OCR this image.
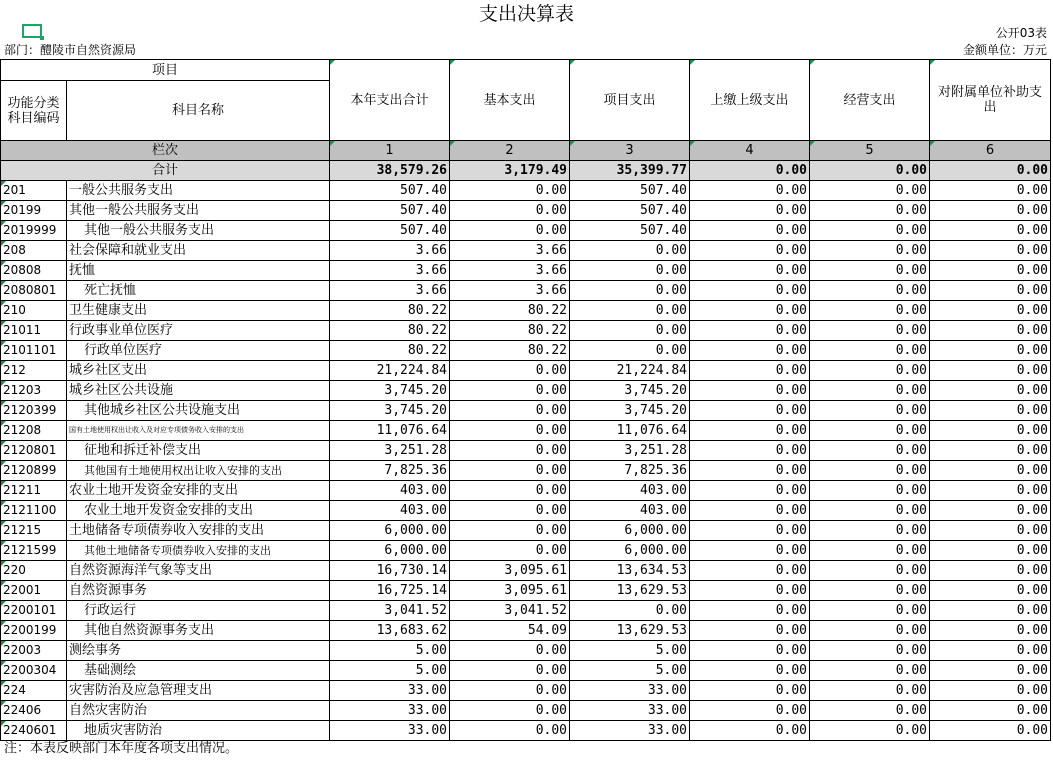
支出决算表
公开03表
部门：醴陵市自然资源局	金额单位：万元
项目		本年支出合计	基本支出	项目支出	上缴上级支出	经营支出	对附属单位补助支出
功能分类科目编码	科目名称						
栏次		1	2	3	4	5	6
合计		38,579.26	3,179.49	35,399.77	0.00	0.00	0.00
201	一般公共服务支出	507.40	0.00	507.40	0.00	0.00	0.00
20199	其他一般公共服务支出	507.40	0.00	507.40	0.00	0.00	0.00
2019999	其他一般公共服务支出	507.40	0.00	507.40	0.00	0.00	0.00
208	社会保障和就业支出	3.66	3.66	0.00	0.00	0.00	0.00
20808	抚恤	3.66	3.66	0.00	0.00	0.00	0.00
2080801	死亡抚恤	3.66	3.66	0.00	0.00	0.00	0.00
210	卫生健康支出	80.22	80.22	0.00	0.00	0.00	0.00
21011	行政事业单位医疗	80.22	80.22	0.00	0.00	0.00	0.00
2101101	行政单位医疗	80.22	80.22	0.00	0.00	0.00	0.00
212	城乡社区支出	21,224.84	0.00	21,224.84	0.00	0.00	0.00
21203	城乡社区公共设施	3,745.20	0.00	3,745.20	0.00	0.00	0.00
2120399	其他城乡社区公共设施支出	3,745.20	0.00	3,745.20	0.00	0.00	0.00
21208	国有土地使用权出让收入及对应专项债务收入安排的支出	11,076.64	0.00	11,076.64	0.00	0.00	0.00
2120801	征地和拆迁补偿支出	3,251.28	0.00	3,251.28	0.00	0.00	0.00
2120899	其他国有土地使用权出让收入安排的支出	7,825.36	0.00	7,825.36	0.00	0.00	0.00
21211	农业土地开发资金安排的支出	403.00	0.00	403.00	0.00	0.00	0.00
2121100	农业土地开发资金安排的支出	403.00	0.00	403.00	0.00	0.00	0.00
21215	土地储备专项债券收入安排的支出	6,000.00	0.00	6,000.00	0.00	0.00	0.00
2121599	其他土地储备专项债券收入安排的支出	6,000.00	0.00	6,000.00	0.00	0.00	0.00
220	自然资源海洋气象等支出	16,730.14	3,095.61	13,634.53	0.00	0.00	0.00
22001	自然资源事务	16,725.14	3,095.61	13,629.53	0.00	0.00	0.00
2200101	行政运行	3,041.52	3,041.52	0.00	0.00	0.00	0.00
2200199	其他自然资源事务支出	13,683.62	54.09	13,629.53	0.00	0.00	0.00
22003	测绘事务	5.00	0.00	5.00	0.00	0.00	0.00
2200304	基础测绘	5.00	0.00	5.00	0.00	0.00	0.00
224	灾害防治及应急管理支出	33.00	0.00	33.00	0.00	0.00	0.00
22406	自然灾害防治	33.00	0.00	33.00	0.00	0.00	0.00
2240601	地质灾害防治	33.00	0.00	33.00	0.00	0.00	0.00
注：本表反映部门本年度各项支出情况。
